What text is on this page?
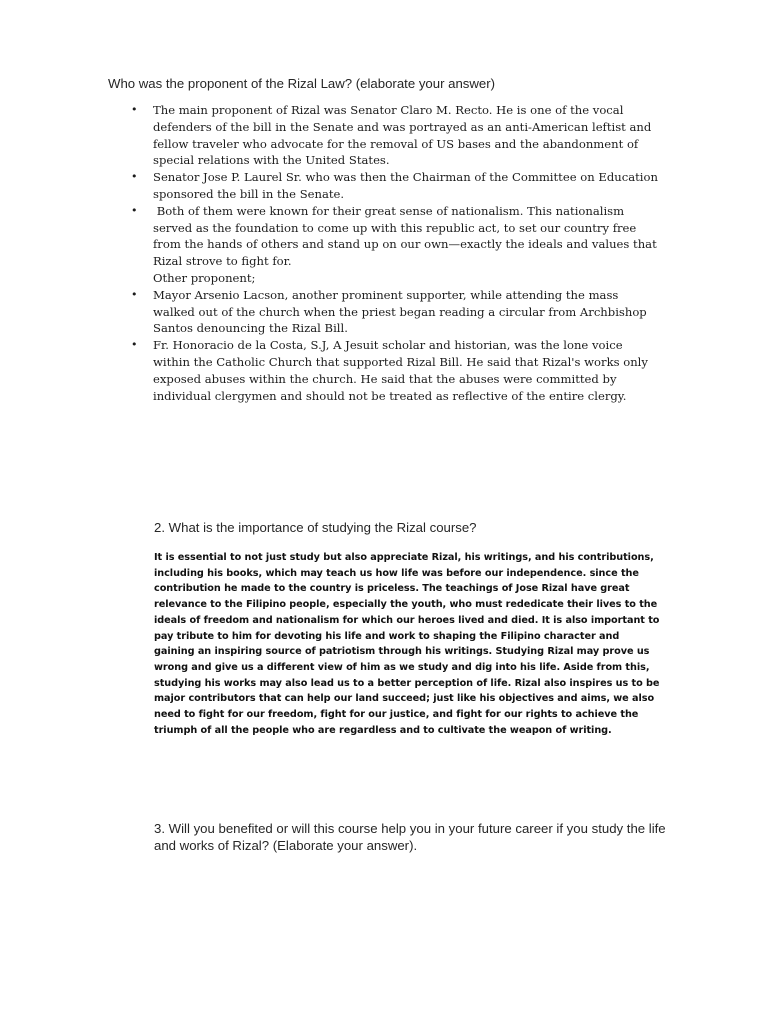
Who was the proponent of the Rizal Law? (elaborate your answer)

• The main proponent of Rizal was Senator Claro M. Recto. He is one of the vocal defenders of the bill in the Senate and was portrayed as an anti-American leftist and fellow traveler who advocate for the removal of US bases and the abandonment of special relations with the United States.
• Senator Jose P. Laurel Sr. who was then the Chairman of the Committee on Education sponsored the bill in the Senate.
• Both of them were known for their great sense of nationalism. This nationalism served as the foundation to come up with this republic act, to set our country free from the hands of others and stand up on our own—exactly the ideals and values that Rizal strove to fight for.
Other proponent;
• Mayor Arsenio Lacson, another prominent supporter, while attending the mass walked out of the church when the priest began reading a circular from Archbishop Santos denouncing the Rizal Bill.
• Fr. Honoracio de la Costa, S.J, A Jesuit scholar and historian, was the lone voice within the Catholic Church that supported Rizal Bill. He said that Rizal's works only exposed abuses within the church. He said that the abuses were committed by individual clergymen and should not be treated as reflective of the entire clergy.

2. What is the importance of studying the Rizal course?

It is essential to not just study but also appreciate Rizal, his writings, and his contributions, including his books, which may teach us how life was before our independence. since the contribution he made to the country is priceless. The teachings of Jose Rizal have great relevance to the Filipino people, especially the youth, who must rededicate their lives to the ideals of freedom and nationalism for which our heroes lived and died. It is also important to pay tribute to him for devoting his life and work to shaping the Filipino character and gaining an inspiring source of patriotism through his writings. Studying Rizal may prove us wrong and give us a different view of him as we study and dig into his life. Aside from this, studying his works may also lead us to a better perception of life. Rizal also inspires us to be major contributors that can help our land succeed; just like his objectives and aims, we also need to fight for our freedom, fight for our justice, and fight for our rights to achieve the triumph of all the people who are regardless and to cultivate the weapon of writing.

3. Will you benefited or will this course help you in your future career if you study the life and works of Rizal? (Elaborate your answer).
